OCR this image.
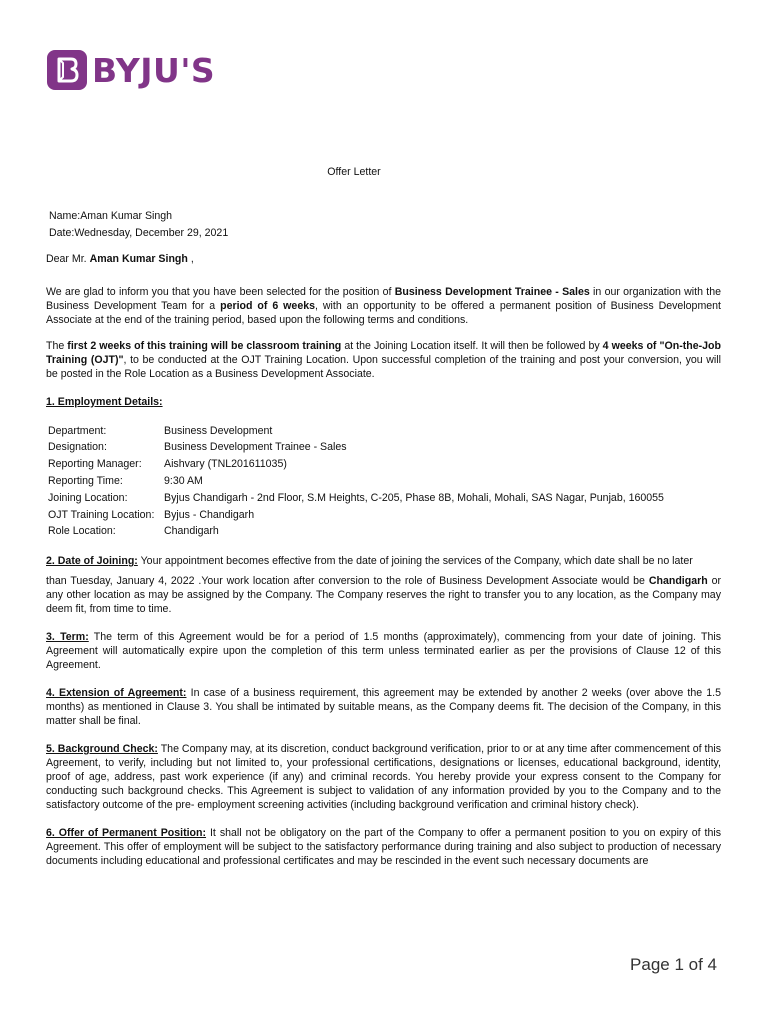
BYJU'S
Offer Letter
Name:Aman Kumar Singh
Date:Wednesday, December 29, 2021

Dear Mr. Aman Kumar Singh ,

We are glad to inform you that you have been selected for the position of Business Development Trainee - Sales in our organization with the Business Development Team for a period of 6 weeks, with an opportunity to be offered a permanent position of Business Development Associate at the end of the training period, based upon the following terms and conditions.

The first 2 weeks of this training will be classroom training at the Joining Location itself. It will then be followed by 4 weeks of "On-the-Job Training (OJT)", to be conducted at the OJT Training Location. Upon successful completion of the training and post your conversion, you will be posted in the Role Location as a Business Development Associate.

1. Employment Details:
Department:	Business Development
Designation:	Business Development Trainee - Sales
Reporting Manager:	Aishvary (TNL201611035)
Reporting Time:	9:30 AM
Joining Location:	Byjus Chandigarh - 2nd Floor, S.M Heights, C-205, Phase 8B, Mohali, Mohali, SAS Nagar, Punjab, 160055
OJT Training Location:	Byjus - Chandigarh
Role Location:	Chandigarh

2. Date of Joining: Your appointment becomes effective from the date of joining the services of the Company, which date shall be no later

than Tuesday, January 4, 2022 .Your work location after conversion to the role of Business Development Associate would be Chandigarh or any other location as may be assigned by the Company. The Company reserves the right to transfer you to any location, as the Company may deem fit, from time to time.

3. Term: The term of this Agreement would be for a period of 1.5 months (approximately), commencing from your date of joining. This Agreement will automatically expire upon the completion of this term unless terminated earlier as per the provisions of Clause 12 of this Agreement.

4. Extension of Agreement: In case of a business requirement, this agreement may be extended by another 2 weeks (over above the 1.5 months) as mentioned in Clause 3. You shall be intimated by suitable means, as the Company deems fit. The decision of the Company, in this matter shall be final.

5. Background Check: The Company may, at its discretion, conduct background verification, prior to or at any time after commencement of this Agreement, to verify, including but not limited to, your professional certifications, designations or licenses, educational background, identity, proof of age, address, past work experience (if any) and criminal records. You hereby provide your express consent to the Company for conducting such background checks. This Agreement is subject to validation of any information provided by you to the Company and to the satisfactory outcome of the pre- employment screening activities (including background verification and criminal history check).

6. Offer of Permanent Position: It shall not be obligatory on the part of the Company to offer a permanent position to you on expiry of this Agreement. This offer of employment will be subject to the satisfactory performance during training and also subject to production of necessary documents including educational and professional certificates and may be rescinded in the event such necessary documents are

Page 1 of 4
